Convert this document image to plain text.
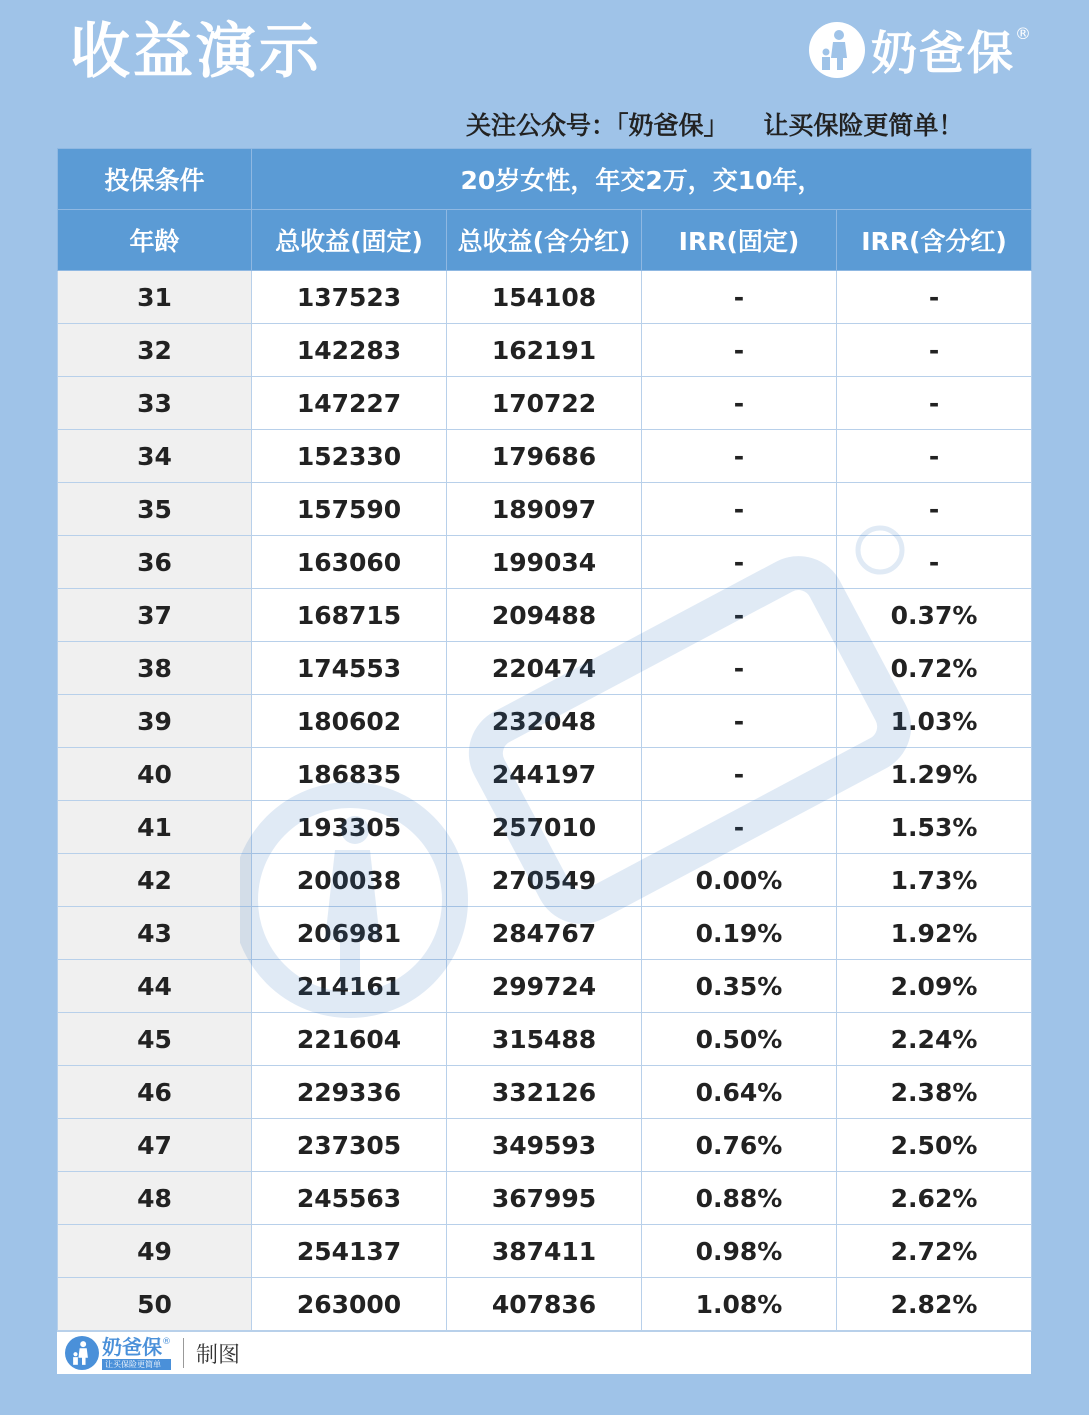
收益演示	奶爸保 ®
关注公众号：「奶爸保」    让买保险更简单！
投保条件	20岁女性，年交2万，交10年，			
年龄	总收益(固定)	总收益(含分红)	IRR(固定)	IRR(含分红)
31	137523	154108	-	-
32	142283	162191	-	-
33	147227	170722	-	-
34	152330	179686	-	-
35	157590	189097	-	-
36	163060	199034	-	-
37	168715	209488	-	0.37%
38	174553	220474	-	0.72%
39	180602	232048	-	1.03%
40	186835	244197	-	1.29%
41	193305	257010	-	1.53%
42	200038	270549	0.00%	1.73%
43	206981	284767	0.19%	1.92%
44	214161	299724	0.35%	2.09%
45	221604	315488	0.50%	2.24%
46	229336	332126	0.64%	2.38%
47	237305	349593	0.76%	2.50%
48	245563	367995	0.88%	2.62%
49	254137	387411	0.98%	2.72%
50	263000	407836	1.08%	2.82%
奶爸保 ®
让买保险更简单	制图
